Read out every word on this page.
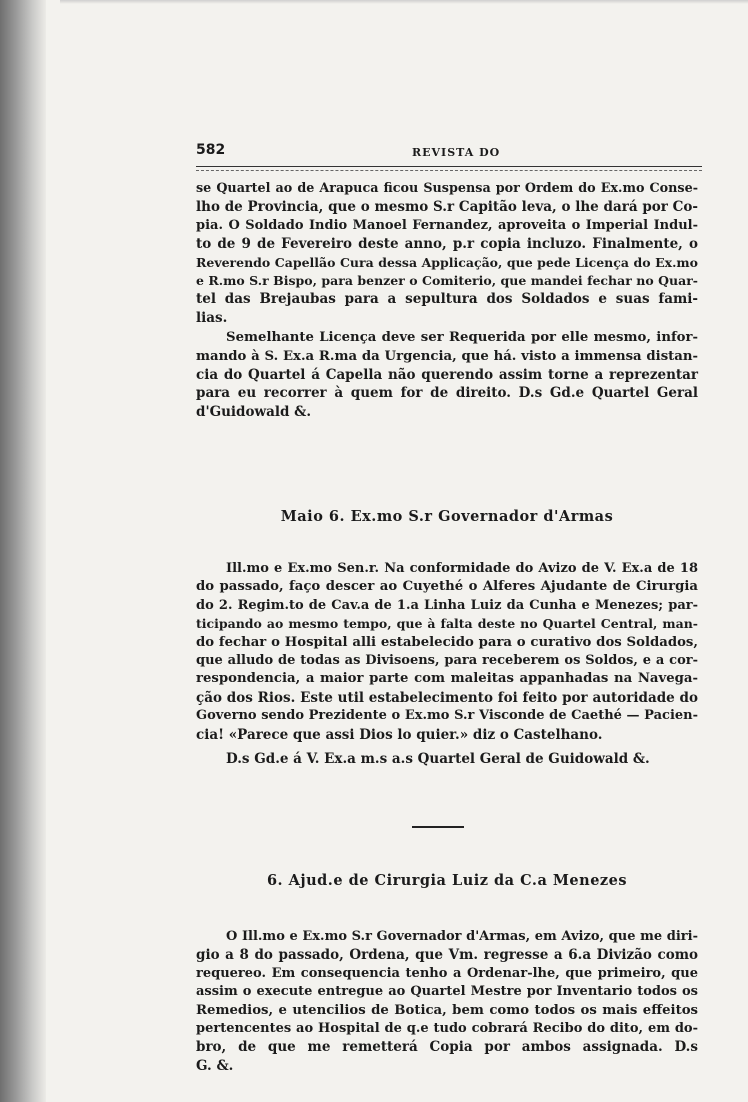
582	REVISTA DO

se Quartel ao de Arapuca ficou Suspensa por Ordem do Ex.mo Conse-
lho de Provincia, que o mesmo S.r Capitão leva, o lhe dará por Co-
pia. O Soldado Indio Manoel Fernandez, aproveita o Imperial Indul-
to de 9 de Fevereiro deste anno, p.r copia incluzo. Finalmente, o
Reverendo Capellão Cura dessa Applicação, que pede Licença do Ex.mo
e R.mo S.r Bispo, para benzer o Comiterio, que mandei fechar no Quar-
tel das Brejaubas para a sepultura dos Soldados e suas fami-
lias.

Semelhante Licença deve ser Requerida por elle mesmo, infor-
mando à S. Ex.a R.ma da Urgencia, que há. visto a immensa distan-
cia do Quartel á Capella não querendo assim torne a reprezentar
para eu recorrer à quem for de direito. D.s Gd.e Quartel Geral
d'Guidowald &.

Maio 6. Ex.mo S.r Governador d'Armas

Ill.mo e Ex.mo Sen.r. Na conformidade do Avizo de V. Ex.a de 18
do passado, faço descer ao Cuyethé o Alferes Ajudante de Cirurgia
do 2. Regim.to de Cav.a de 1.a Linha Luiz da Cunha e Menezes; par-
ticipando ao mesmo tempo, que à falta deste no Quartel Central, man-
do fechar o Hospital alli estabelecido para o curativo dos Soldados,
que alludo de todas as Divisoens, para receberem os Soldos, e a cor-
respondencia, a maior parte com maleitas appanhadas na Navega-
ção dos Rios. Este util estabelecimento foi feito por autoridade do
Governo sendo Prezidente o Ex.mo S.r Visconde de Caethé — Pacien-
cia! «Parece que assi Dios lo quier.» diz o Castelhano.

D.s Gd.e á V. Ex.a m.s a.s Quartel Geral de Guidowald &.

6. Ajud.e de Cirurgia Luiz da C.a Menezes

O Ill.mo e Ex.mo S.r Governador d'Armas, em Avizo, que me diri-
gio a 8 do passado, Ordena, que Vm. regresse a 6.a Divizão como
requereo. Em consequencia tenho a Ordenar-lhe, que primeiro, que
assim o execute entregue ao Quartel Mestre por Inventario todos os
Remedios, e utencilios de Botica, bem como todos os mais effeitos
pertencentes ao Hospital de q.e tudo cobrará Recibo do dito, em do-
bro, de que me remetterá Copia por ambos assignada. D.s
G. &.
